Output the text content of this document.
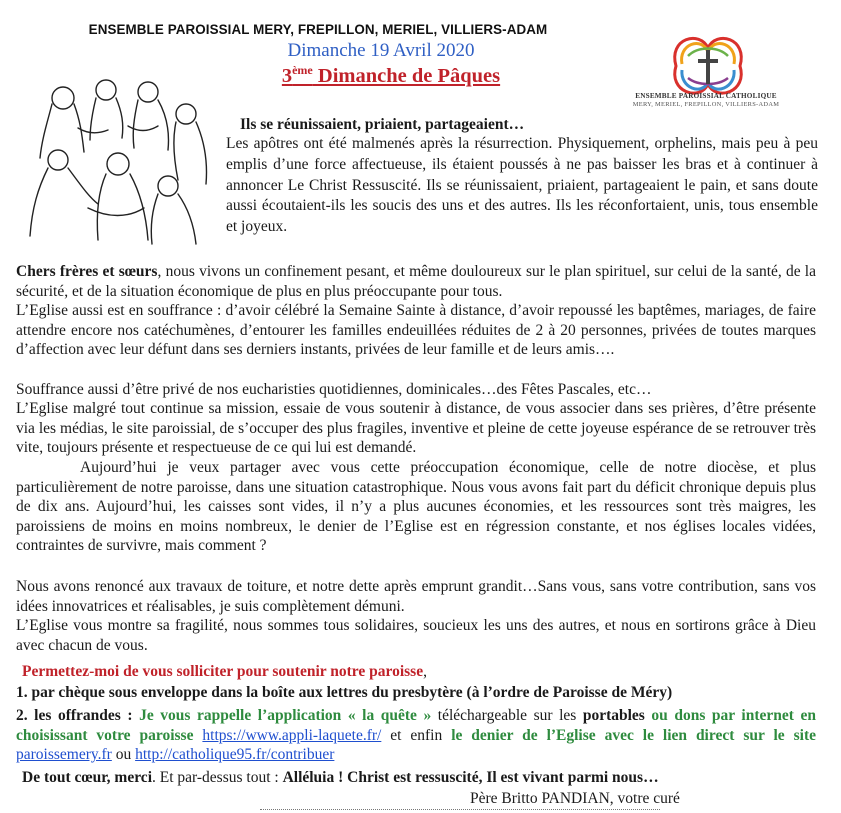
ENSEMBLE PAROISSIAL MERY, FREPILLON, MERIEL, VILLIERS-ADAM
Dimanche 19 Avril 2020
3ème Dimanche de Pâques
ENSEMBLE PAROISSIAL CATHOLIQUE
MERY, MERIEL, FREPILLON, VILLIERS-ADAM
Ils se réunissaient, priaient, partageaient…
Les apôtres ont été malmenés après la résurrection. Physiquement, orphelins, mais peu à peu emplis d’une force affectueuse, ils étaient poussés à ne pas baisser les bras et à continuer à annoncer Le Christ Ressuscité. Ils se réunissaient, priaient, partageaient le pain, et sans doute aussi écoutaient-ils les soucis des uns et des autres. Ils les réconfortaient, unis, tous ensemble et joyeux.

Chers frères et sœurs, nous vivons un confinement pesant, et même douloureux sur le plan spirituel, sur celui de la santé, de la sécurité, et de la situation économique de plus en plus préoccupante pour tous.

L’Eglise aussi est en souffrance : d’avoir célébré la Semaine Sainte à distance, d’avoir repoussé les baptêmes, mariages, de faire attendre encore nos catéchumènes, d’entourer les familles endeuillées réduites de 2 à 20 personnes, privées de toutes marques d’affection avec leur défunt dans ses derniers instants, privées de leur famille et de leurs amis….

Souffrance aussi d’être privé de nos eucharisties quotidiennes, dominicales…des Fêtes Pascales, etc…

L’Eglise malgré tout continue sa mission, essaie de vous soutenir à distance, de vous associer dans ses prières, d’être présente via les médias, le site paroissial, de s’occuper des plus fragiles, inventive et pleine de cette joyeuse espérance de se retrouver très vite, toujours présente et respectueuse de ce qui lui est demandé.

Aujourd’hui je veux partager avec vous cette préoccupation économique, celle de notre diocèse, et plus particulièrement de notre paroisse, dans une situation catastrophique. Nous vous avons fait part du déficit chronique depuis plus de dix ans. Aujourd’hui, les caisses sont vides, il n’y a plus aucunes économies, et les ressources sont très maigres, les paroissiens de moins en moins nombreux, le denier de l’Eglise est en régression constante, et nos églises locales vidées, contraintes de survivre, mais comment ?

Nous avons renoncé aux travaux de toiture, et notre dette après emprunt grandit…Sans vous, sans votre contribution, sans vos idées innovatrices et réalisables, je suis complètement démuni.

L’Eglise vous montre sa fragilité, nous sommes tous solidaires, soucieux les uns des autres, et nous en sortirons grâce à Dieu avec chacun de vous.

Permettez-moi de vous solliciter pour soutenir notre paroisse,

1. par chèque sous enveloppe dans la boîte aux lettres du presbytère (à l’ordre de Paroisse de Méry)

2. les offrandes : Je vous rappelle l’application « la quête » téléchargeable sur les portables ou dons par internet en choisissant votre paroisse https://www.appli-laquete.fr/ et enfin le denier de l’Eglise avec le lien direct sur le site paroissemery.fr ou http://catholique95.fr/contribuer

De tout cœur, merci. Et par-dessus tout : Alléluia ! Christ est ressuscité, Il est vivant parmi nous…

Père Britto PANDIAN, votre curé
